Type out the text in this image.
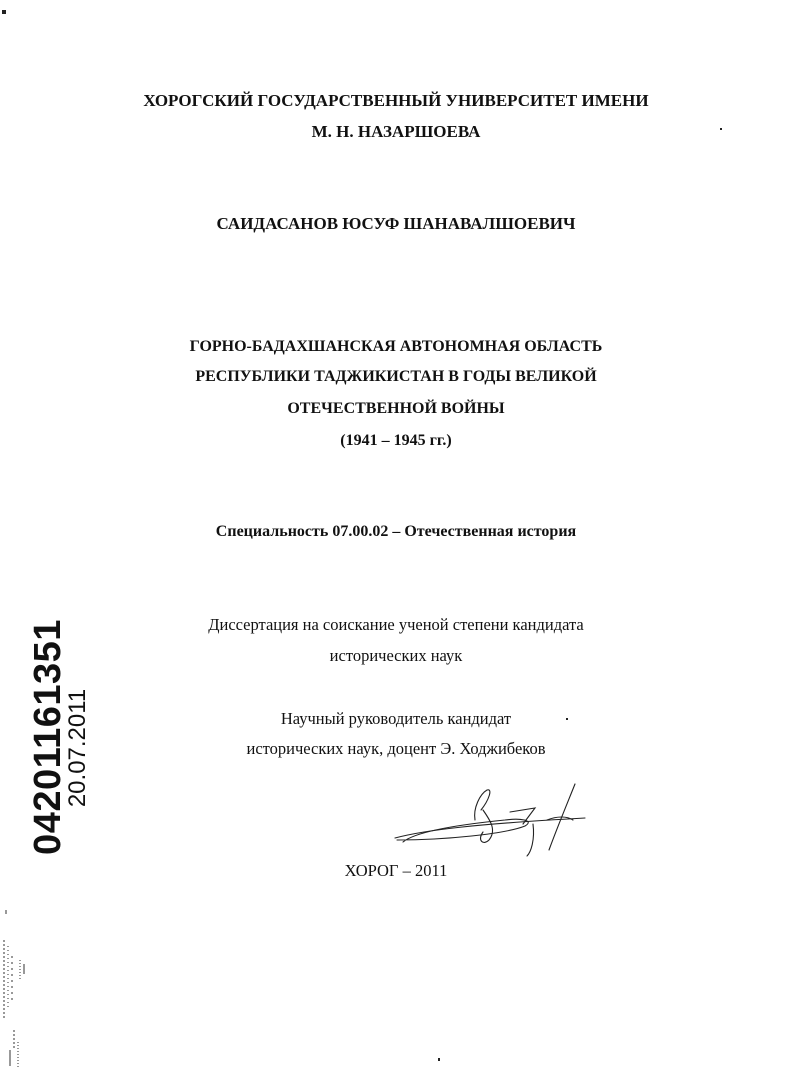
ХОРОГСКИЙ ГОСУДАРСТВЕННЫЙ УНИВЕРСИТЕТ ИМЕНИ
М. Н. НАЗАРШОЕВА
САИДАСАНОВ ЮСУФ ШАНАВАЛШОЕВИЧ
ГОРНО-БАДАХШАНСКАЯ АВТОНОМНАЯ ОБЛАСТЬ
РЕСПУБЛИКИ ТАДЖИКИСТАН В ГОДЫ ВЕЛИКОЙ
ОТЕЧЕСТВЕННОЙ ВОЙНЫ
(1941 – 1945 гг.)
Специальность 07.00.02 – Отечественная история
Диссертация на соискание ученой степени кандидата
исторических наук
Научный руководитель кандидат
исторических наук, доцент Э. Ходжибеков
ХОРОГ – 2011
04201161351
20.07.2011
